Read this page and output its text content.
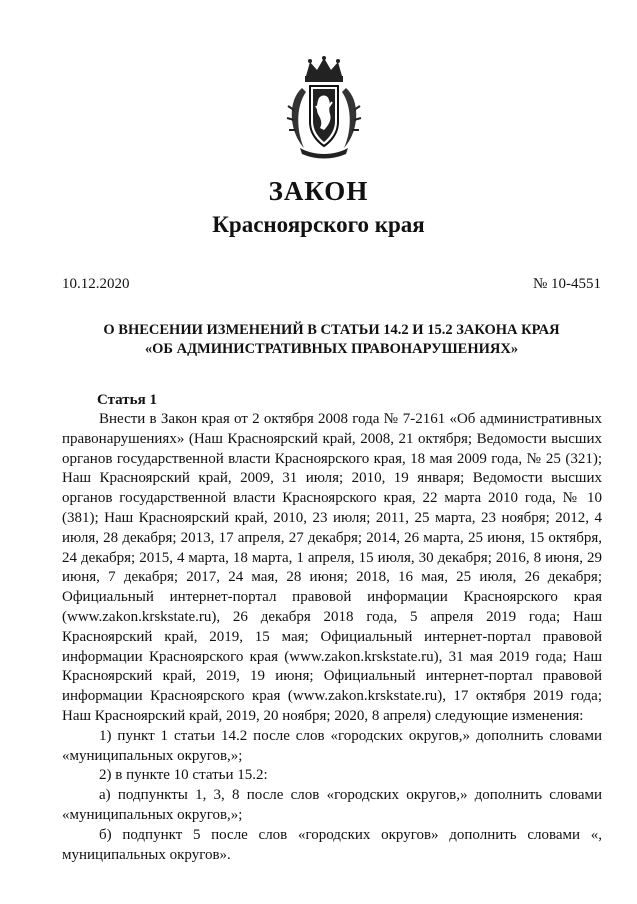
ЗАКОН
Красноярского края
10.12.2020	№ 10-4551
О ВНЕСЕНИИ ИЗМЕНЕНИЙ В СТАТЬИ 14.2 И 15.2 ЗАКОНА КРАЯ
«ОБ АДМИНИСТРАТИВНЫХ ПРАВОНАРУШЕНИЯХ»
Статья 1

Внести в Закон края от 2 октября 2008 года № 7-2161 «Об административных правонарушениях» (Наш Красноярский край, 2008, 21 октября; Ведомости высших органов государственной власти Красноярского края, 18 мая 2009 года, № 25 (321); Наш Красноярский край, 2009, 31 июля; 2010, 19 января; Ведомости высших органов государственной власти Красноярского края, 22 марта 2010 года, № 10 (381); Наш Красноярский край, 2010, 23 июля; 2011, 25 марта, 23 ноября; 2012, 4 июля, 28 декабря; 2013, 17 апреля, 27 декабря; 2014, 26 марта, 25 июня, 15 октября, 24 декабря; 2015, 4 марта, 18 марта, 1 апреля, 15 июля, 30 декабря; 2016, 8 июня, 29 июня, 7 декабря; 2017, 24 мая, 28 июня; 2018, 16 мая, 25 июля, 26 декабря; Официальный интернет-портал правовой информации Красноярского края (www.zakon.krskstate.ru), 26 декабря 2018 года, 5 апреля 2019 года; Наш Красноярский край, 2019, 15 мая; Официальный интернет-портал правовой информации Красноярского края (www.zakon.krskstate.ru), 31 мая 2019 года; Наш Красноярский край, 2019, 19 июня; Официальный интернет-портал правовой информации Красноярского края (www.zakon.krskstate.ru), 17 октября 2019 года; Наш Красноярский край, 2019, 20 ноября; 2020, 8 апреля) следующие изменения:

1) пункт 1 статьи 14.2 после слов «городских округов,» дополнить словами «муниципальных округов,»;

2) в пункте 10 статьи 15.2:

а) подпункты 1, 3, 8 после слов «городских округов,» дополнить словами «муниципальных округов,»;

б) подпункт 5 после слов «городских округов» дополнить словами «, муниципальных округов».
